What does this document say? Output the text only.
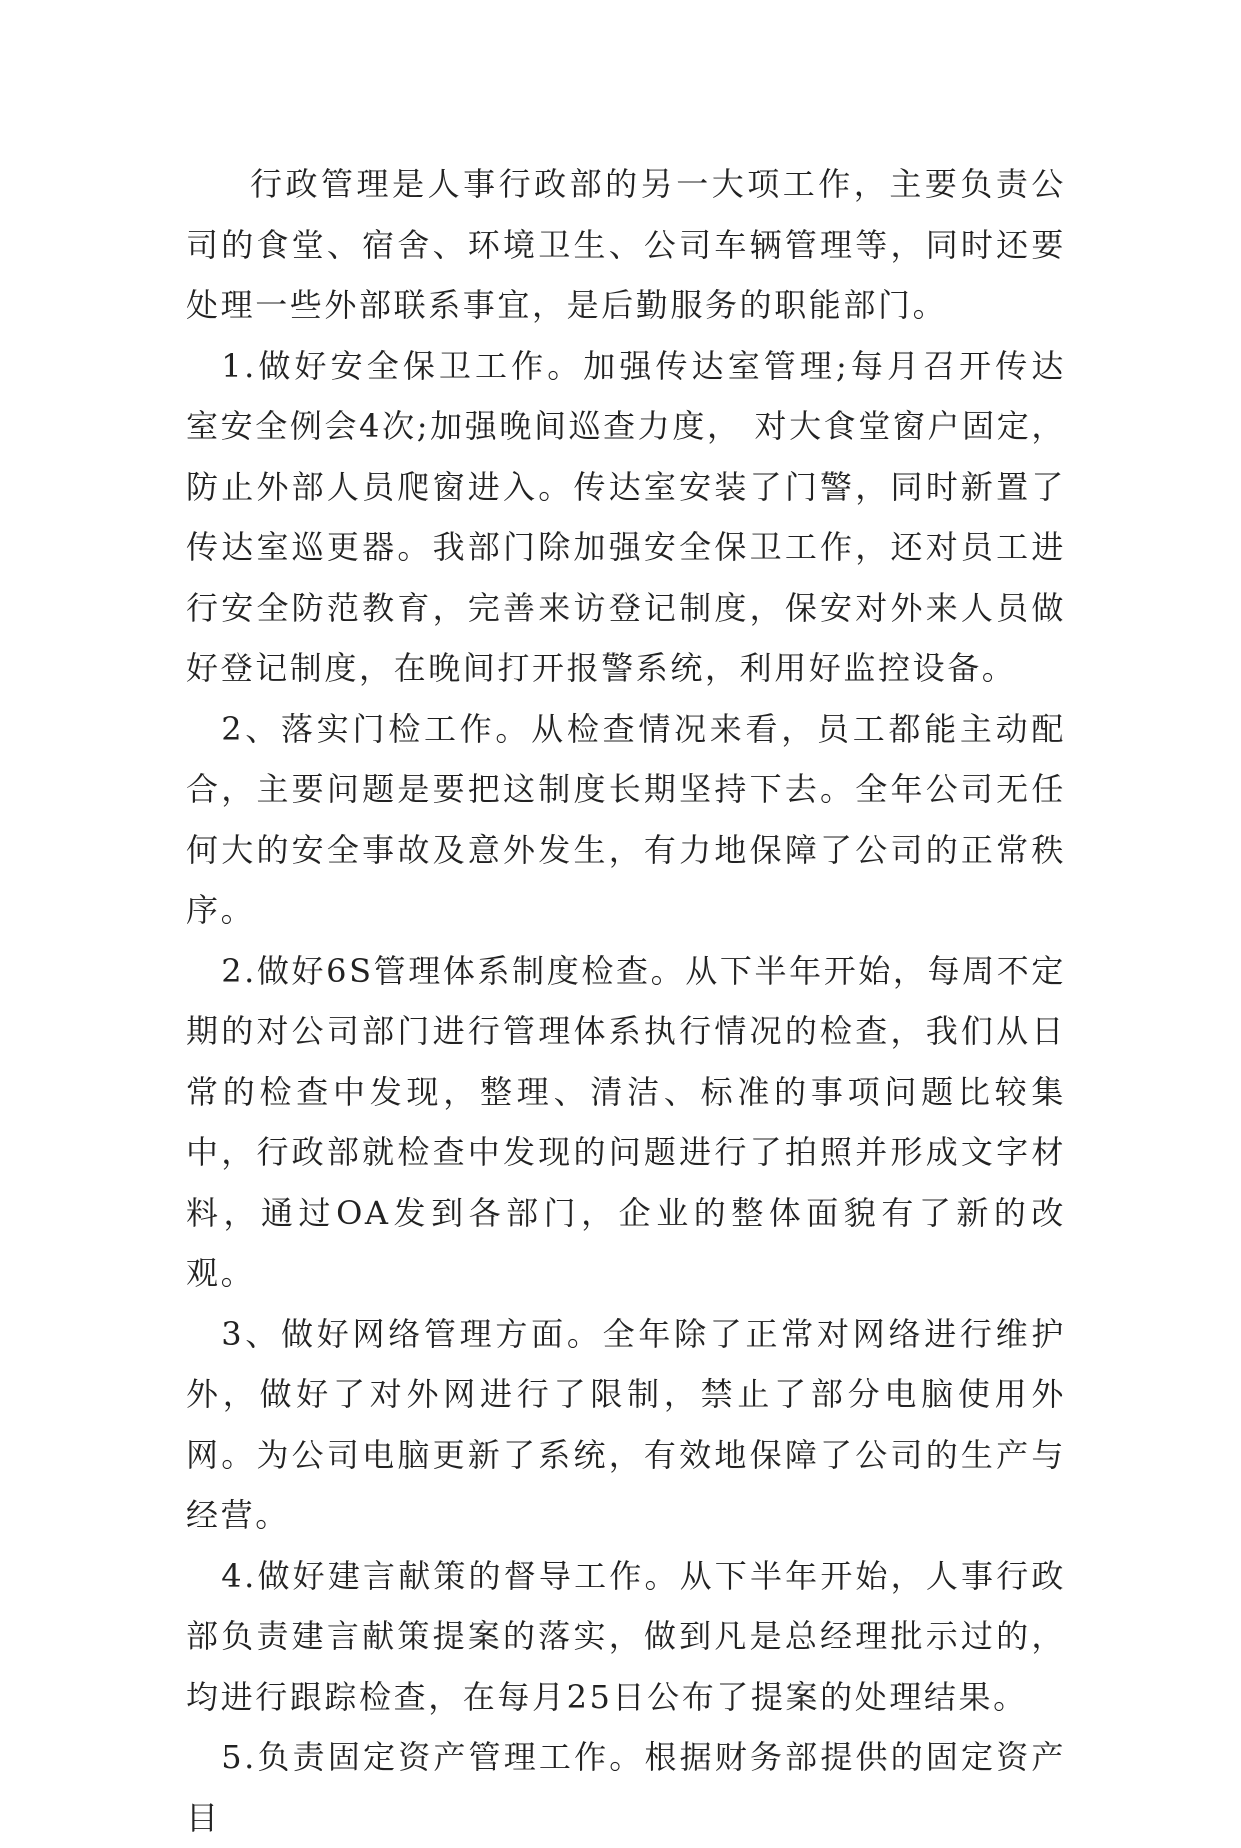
行政管理是人事行政部的另一大项工作，主要负责公司的食堂、宿舍、环境卫生、公司车辆管理等，同时还要处理一些外部联系事宜，是后勤服务的职能部门。

1.做好安全保卫工作。加强传达室管理;每月召开传达室安全例会4次;加强晚间巡查力度， 对大食堂窗户固定，防止外部人员爬窗进入。传达室安装了门警，同时新置了传达室巡更器。我部门除加强安全保卫工作，还对员工进行安全防范教育，完善来访登记制度，保安对外来人员做好登记制度，在晚间打开报警系统，利用好监控设备。

2、落实门检工作。从检查情况来看，员工都能主动配合，主要问题是要把这制度长期坚持下去。全年公司无任何大的安全事故及意外发生，有力地保障了公司的正常秩序。

2.做好6S管理体系制度检查。从下半年开始，每周不定期的对公司部门进行管理体系执行情况的检查，我们从日常的检查中发现，整理、清洁、标准的事项问题比较集中，行政部就检查中发现的问题进行了拍照并形成文字材料，通过OA发到各部门，企业的整体面貌有了新的改观。

3、做好网络管理方面。全年除了正常对网络进行维护外，做好了对外网进行了限制，禁止了部分电脑使用外网。为公司电脑更新了系统，有效地保障了公司的生产与经营。

4.做好建言献策的督导工作。从下半年开始，人事行政部负责建言献策提案的落实，做到凡是总经理批示过的，均进行跟踪检查，在每月25日公布了提案的处理结果。

5.负责固定资产管理工作。根据财务部提供的固定资产目
